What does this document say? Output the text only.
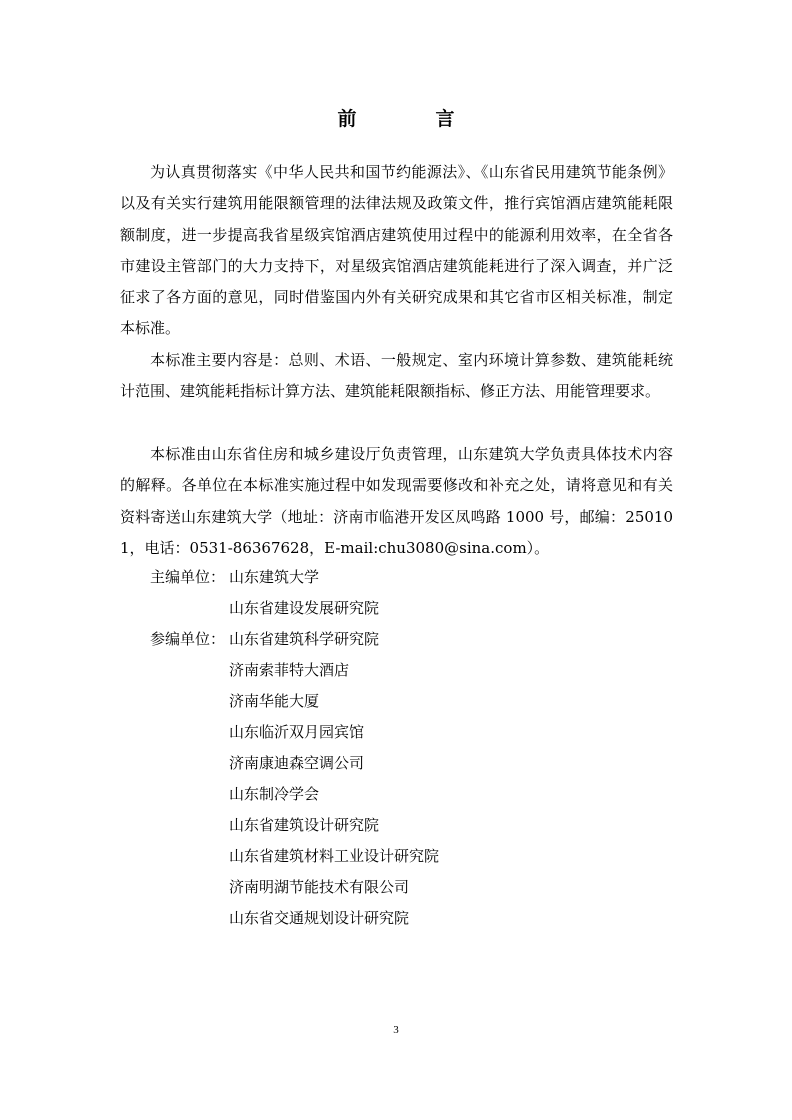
前　言

为认真贯彻落实《中华人民共和国节约能源法》、《山东省民用建筑节能条例》以及有关实行建筑用能限额管理的法律法规及政策文件，推行宾馆酒店建筑能耗限额制度，进一步提高我省星级宾馆酒店建筑使用过程中的能源利用效率，在全省各市建设主管部门的大力支持下，对星级宾馆酒店建筑能耗进行了深入调查，并广泛征求了各方面的意见，同时借鉴国内外有关研究成果和其它省市区相关标准，制定本标准。

本标准主要内容是：总则、术语、一般规定、室内环境计算参数、建筑能耗统计范围、建筑能耗指标计算方法、建筑能耗限额指标、修正方法、用能管理要求。

本标准由山东省住房和城乡建设厅负责管理，山东建筑大学负责具体技术内容的解释。各单位在本标准实施过程中如发现需要修改和补充之处，请将意见和有关资料寄送山东建筑大学（地址：济南市临港开发区凤鸣路 1000 号，邮编：250101，电话：0531-86367628，E-mail:chu3080@sina.com）。

主编单位： 山东建筑大学
山东省建设发展研究院
参编单位： 山东省建筑科学研究院
济南索菲特大酒店
济南华能大厦
山东临沂双月园宾馆
济南康迪森空调公司
山东制冷学会
山东省建筑设计研究院
山东省建筑材料工业设计研究院
济南明湖节能技术有限公司
山东省交通规划设计研究院
3
